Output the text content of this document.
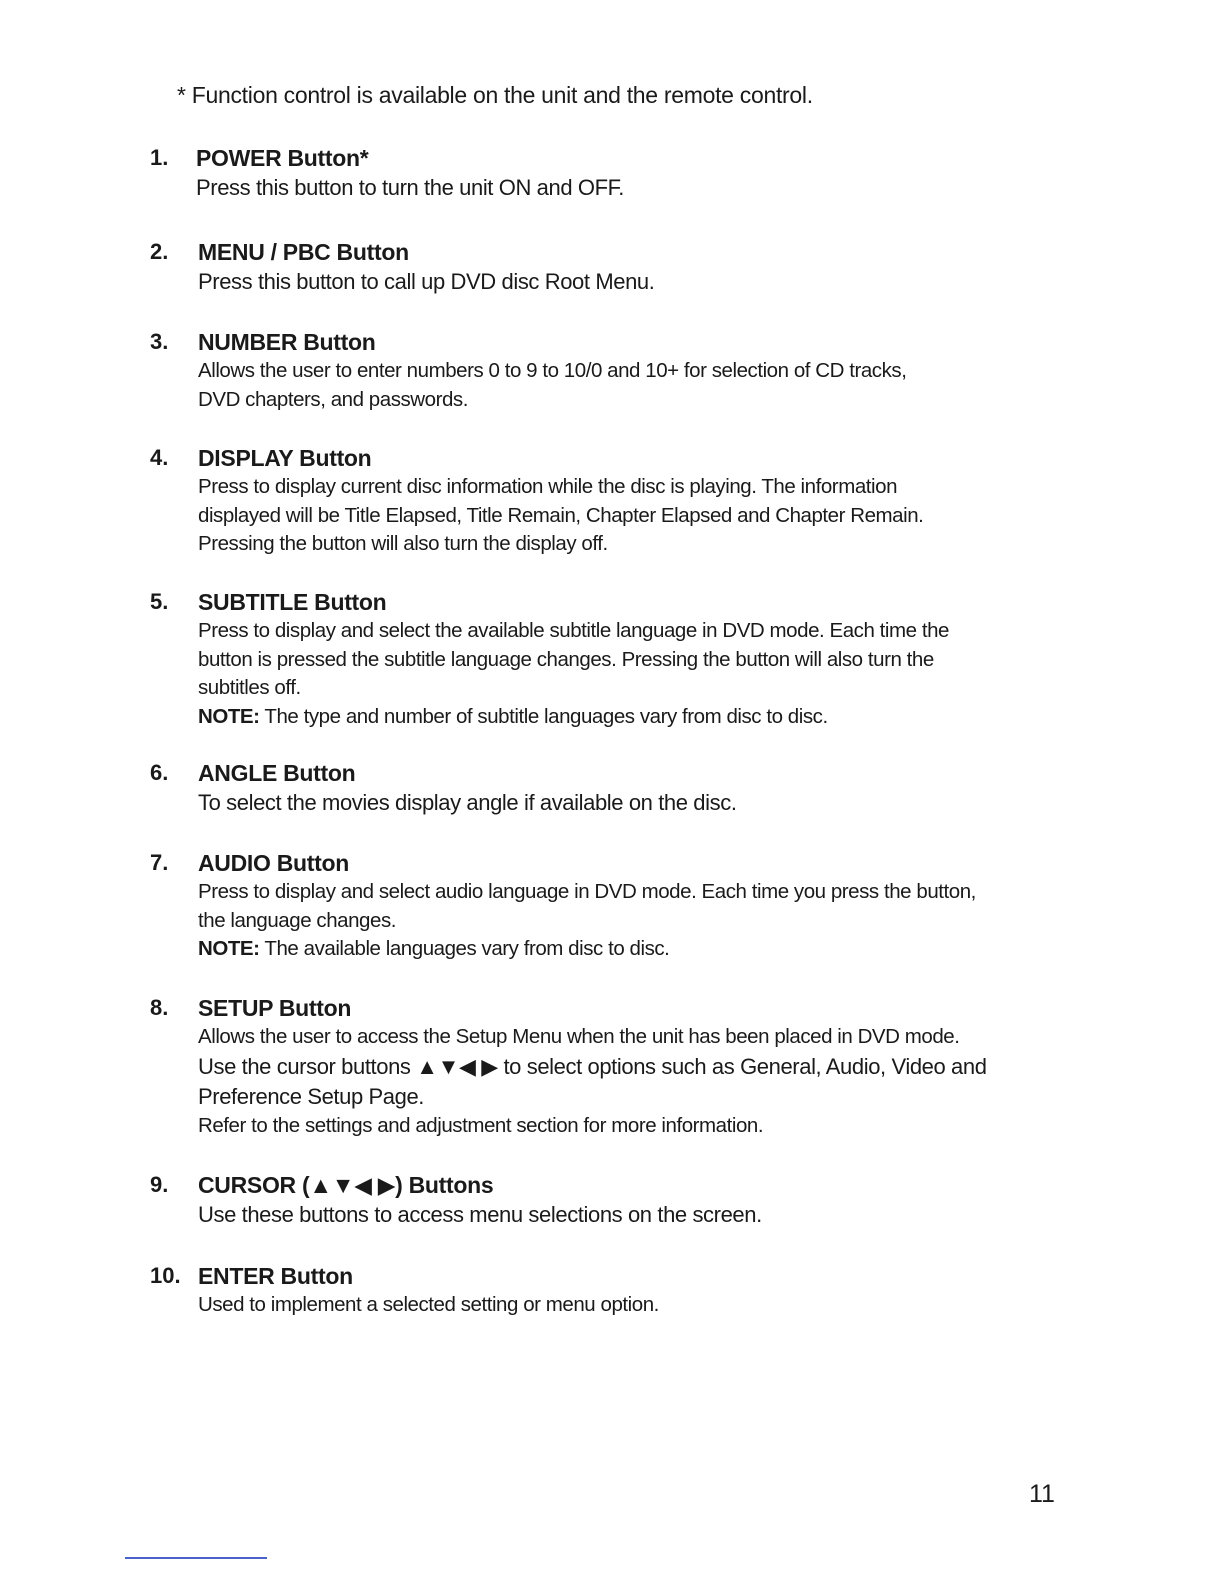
* Function control is available on the unit and the remote control.
1. POWER Button*
Press this button to turn the unit ON and OFF.
2. MENU / PBC Button
Press this button to call up DVD disc Root Menu.
3. NUMBER Button
Allows the user to enter numbers 0 to 9 to 10/0 and 10+ for selection of CD tracks,
DVD chapters, and passwords.
4. DISPLAY Button
Press to display current disc information while the disc is playing. The information
displayed will be Title Elapsed, Title Remain, Chapter Elapsed and Chapter Remain.
Pressing the button will also turn the display off.
5. SUBTITLE Button
Press to display and select the available subtitle language in DVD mode. Each time the
button is pressed the subtitle language changes. Pressing the button will also turn the
subtitles off.
NOTE: The type and number of subtitle languages vary from disc to disc.
6. ANGLE Button
To select the movies display angle if available on the disc.
7. AUDIO Button
Press to display and select audio language in DVD mode. Each time you press the button,
the language changes.
NOTE: The available languages vary from disc to disc.
8. SETUP Button
Allows the user to access the Setup Menu when the unit has been placed in DVD mode.
Use the cursor buttons ▲▼◀ ▶ to select options such as General, Audio, Video and
Preference Setup Page.
Refer to the settings and adjustment section for more information.
9. CURSOR (▲▼◀ ▶) Buttons
Use these buttons to access menu selections on the screen.
10. ENTER Button
Used to implement a selected setting or menu option.
11
